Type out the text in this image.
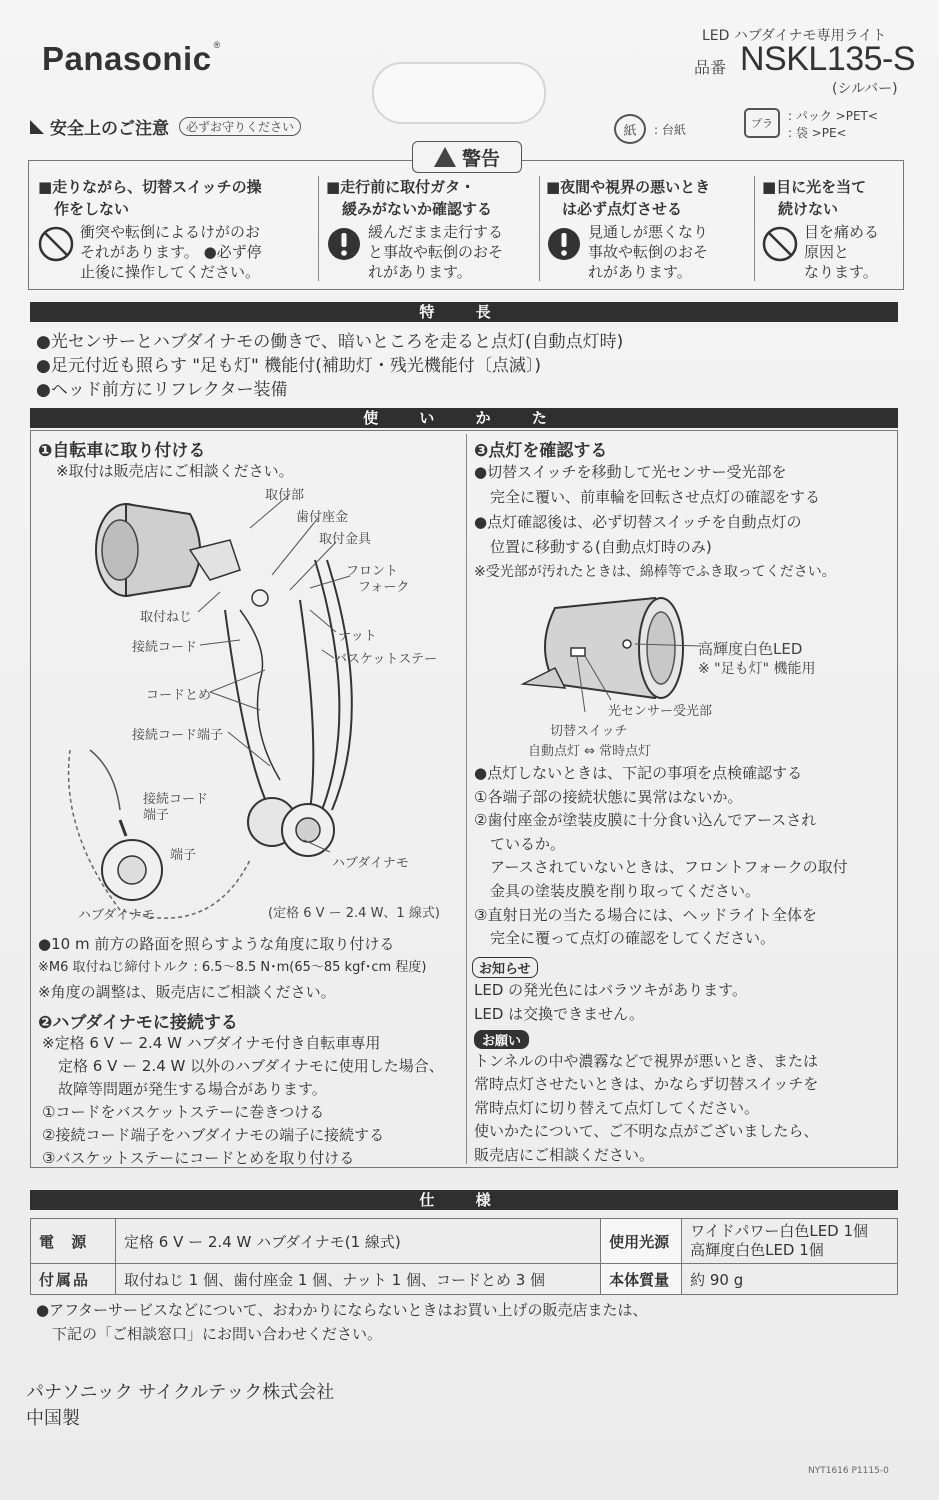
Panasonic ®
LED ハブダイナモ専用ライト
品番 NSKL135-S
(シルバー)
安全上のご注意	必ずお守りください	紙	: 台紙	プラ
: パック >PET<
: 袋 >PE<
警告
■走りながら、切替スイッチの操
作をしない
衝突や転倒によるけがのお
それがあります。 ●必ず停
止後に操作してください。
■走行前に取付ガタ・
緩みがないか確認する
緩んだまま走行する
と事故や転倒のおそ
れがあります。
■夜間や視界の悪いとき
は必ず点灯させる
見通しが悪くなり
事故や転倒のおそ
れがあります。
■目に光を当て
続けない
目を痛める
原因と
なります。
特 長
●光センサーとハブダイナモの働きで、暗いところを走ると点灯(自動点灯時)
●足元付近も照らす "足も灯" 機能付(補助灯・残光機能付〔点滅〕)
●ヘッド前方にリフレクター装備
使 い か た
❶自転車に取り付ける
※取付は販売店にご相談ください。
取付部
歯付座金
取付金具
フロント
フォーク
取付ねじ
ナット
接続コード
バスケットステー
コードとめ
接続コード端子
接続コード
端子
端子
ハブダイナモ
ハブダイナモ	(定格 6 V ー 2.4 W、1 線式)
●10 m 前方の路面を照らすような角度に取り付ける
※M6 取付ねじ締付トルク : 6.5〜8.5 N･m(65〜85 kgf･cm 程度)
※角度の調整は、販売店にご相談ください。
❷ハブダイナモに接続する
※定格 6 V ー 2.4 W ハブダイナモ付き自転車専用
定格 6 V ー 2.4 W 以外のハブダイナモに使用した場合、
故障等問題が発生する場合があります。
①コードをバスケットステーに巻きつける
②接続コード端子をハブダイナモの端子に接続する
③バスケットステーにコードとめを取り付ける
❸点灯を確認する
●切替スイッチを移動して光センサー受光部を
完全に覆い、前車輪を回転させ点灯の確認をする
●点灯確認後は、必ず切替スイッチを自動点灯の
位置に移動する(自動点灯時のみ)
※受光部が汚れたときは、綿棒等でふき取ってください。
高輝度白色LED
※ "足も灯" 機能用
光センサー受光部
切替スイッチ
自動点灯 ⇔ 常時点灯
●点灯しないときは、下記の事項を点検確認する
①各端子部の接続状態に異常はないか。
②歯付座金が塗装皮膜に十分食い込んでアースされ
ているか。
アースされていないときは、フロントフォークの取付
金具の塗装皮膜を削り取ってください。
③直射日光の当たる場合には、ヘッドライト全体を
完全に覆って点灯の確認をしてください。
お知らせ
LED の発光色にはバラツキがあります。
LED は交換できません。
お願い
トンネルの中や濃霧などで視界が悪いとき、または
常時点灯させたいときは、かならず切替スイッチを
常時点灯に切り替えて点灯してください。
使いかたについて、ご不明な点がございましたら、
販売店にご相談ください。
仕 様
電 源	定格 6 V ー 2.4 W ハブダイナモ(1 線式)	使用光源	ワイドパワー白色LED 1個
高輝度白色LED 1個

付属品	取付ねじ 1 個、歯付座金 1 個、ナット 1 個、コードとめ 3 個	本体質量	約 90 g
●アフターサービスなどについて、おわかりにならないときはお買い上げの販売店または、
下記の「ご相談窓口」にお問い合わせください。
パナソニック サイクルテック株式会社
中国製
NYT1616 P1115-0
